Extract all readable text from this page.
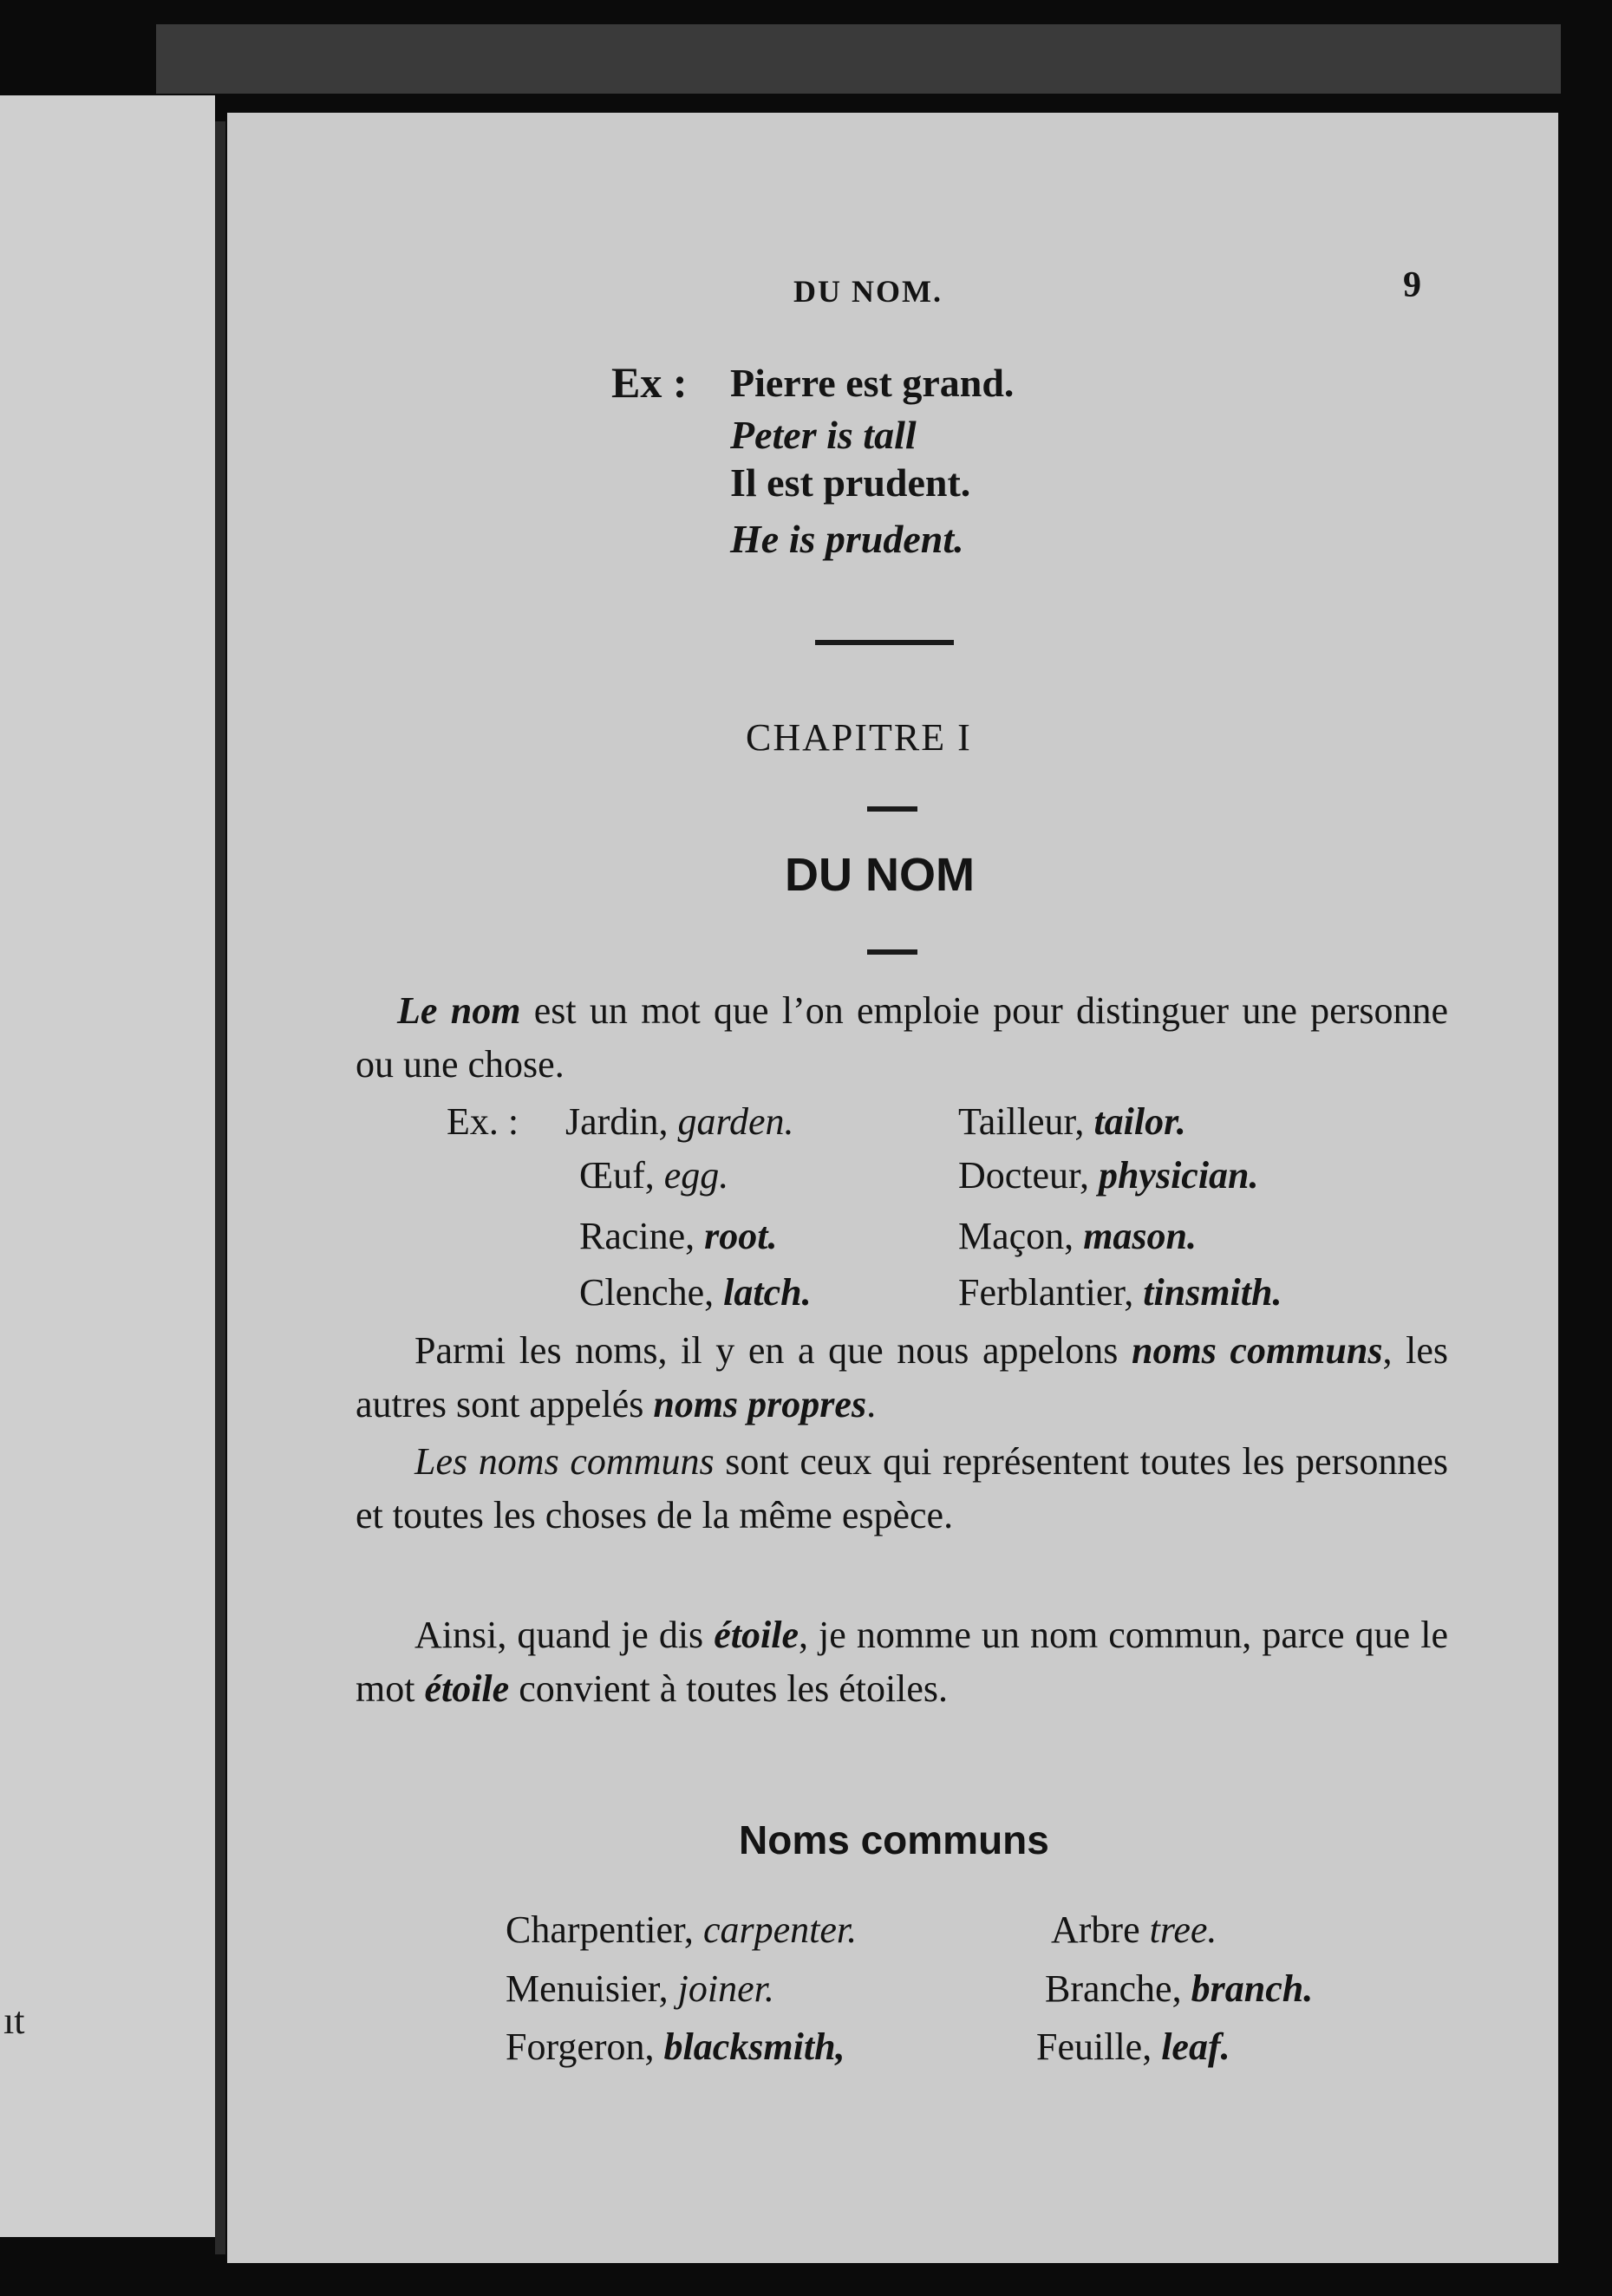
ıt
DU NOM.	9
Ex : Pierre est grand.
Peter is tall
Il est prudent.
He is prudent.
CHAPITRE I
DU NOM
Le nom est un mot que l’on emploie pour distinguer une personne ou une chose.
Ex. : Jardin, garden.	Tailleur, tailor.
Œuf, egg.	Docteur, physician.
Racine, root.	Maçon, mason.
Clenche, latch.	Ferblantier, tinsmith.
Parmi les noms, il y en a que nous appelons noms communs, les autres sont appelés noms propres.
Les noms communs sont ceux qui représentent toutes les personnes et toutes les choses de la même espèce.
Ainsi, quand je dis étoile, je nomme un nom commun, parce que le mot étoile convient à toutes les étoiles.
Noms communs
Charpentier, carpenter.	Arbre tree.
Menuisier, joiner.	Branche, branch.
Forgeron, blacksmith,	Feuille, leaf.
